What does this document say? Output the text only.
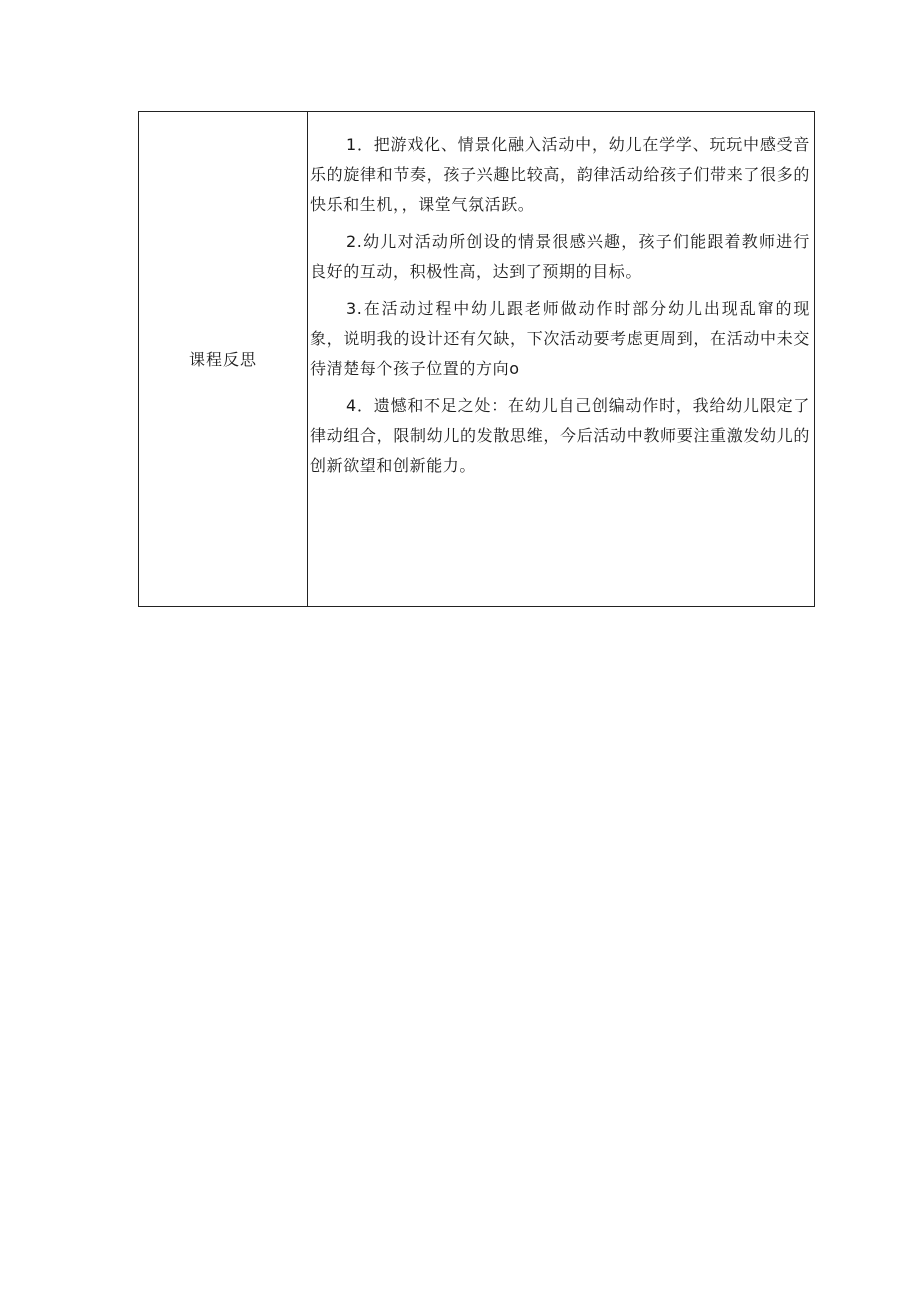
课程反思

1．把游戏化、情景化融入活动中，幼儿在学学、玩玩中感受音乐的旋律和节奏，孩子兴趣比较高，韵律活动给孩子们带来了很多的快乐和生机，，课堂气氛活跃。

2.幼儿对活动所创设的情景很感兴趣，孩子们能跟着教师进行良好的互动，积极性高，达到了预期的目标。

3.在活动过程中幼儿跟老师做动作时部分幼儿出现乱窜的现象，说明我的设计还有欠缺，下次活动要考虑更周到，在活动中未交待清楚每个孩子位置的方向o

4．遗憾和不足之处：在幼儿自己创编动作时，我给幼儿限定了律动组合，限制幼儿的发散思维，今后活动中教师要注重激发幼儿的创新欲望和创新能力。
